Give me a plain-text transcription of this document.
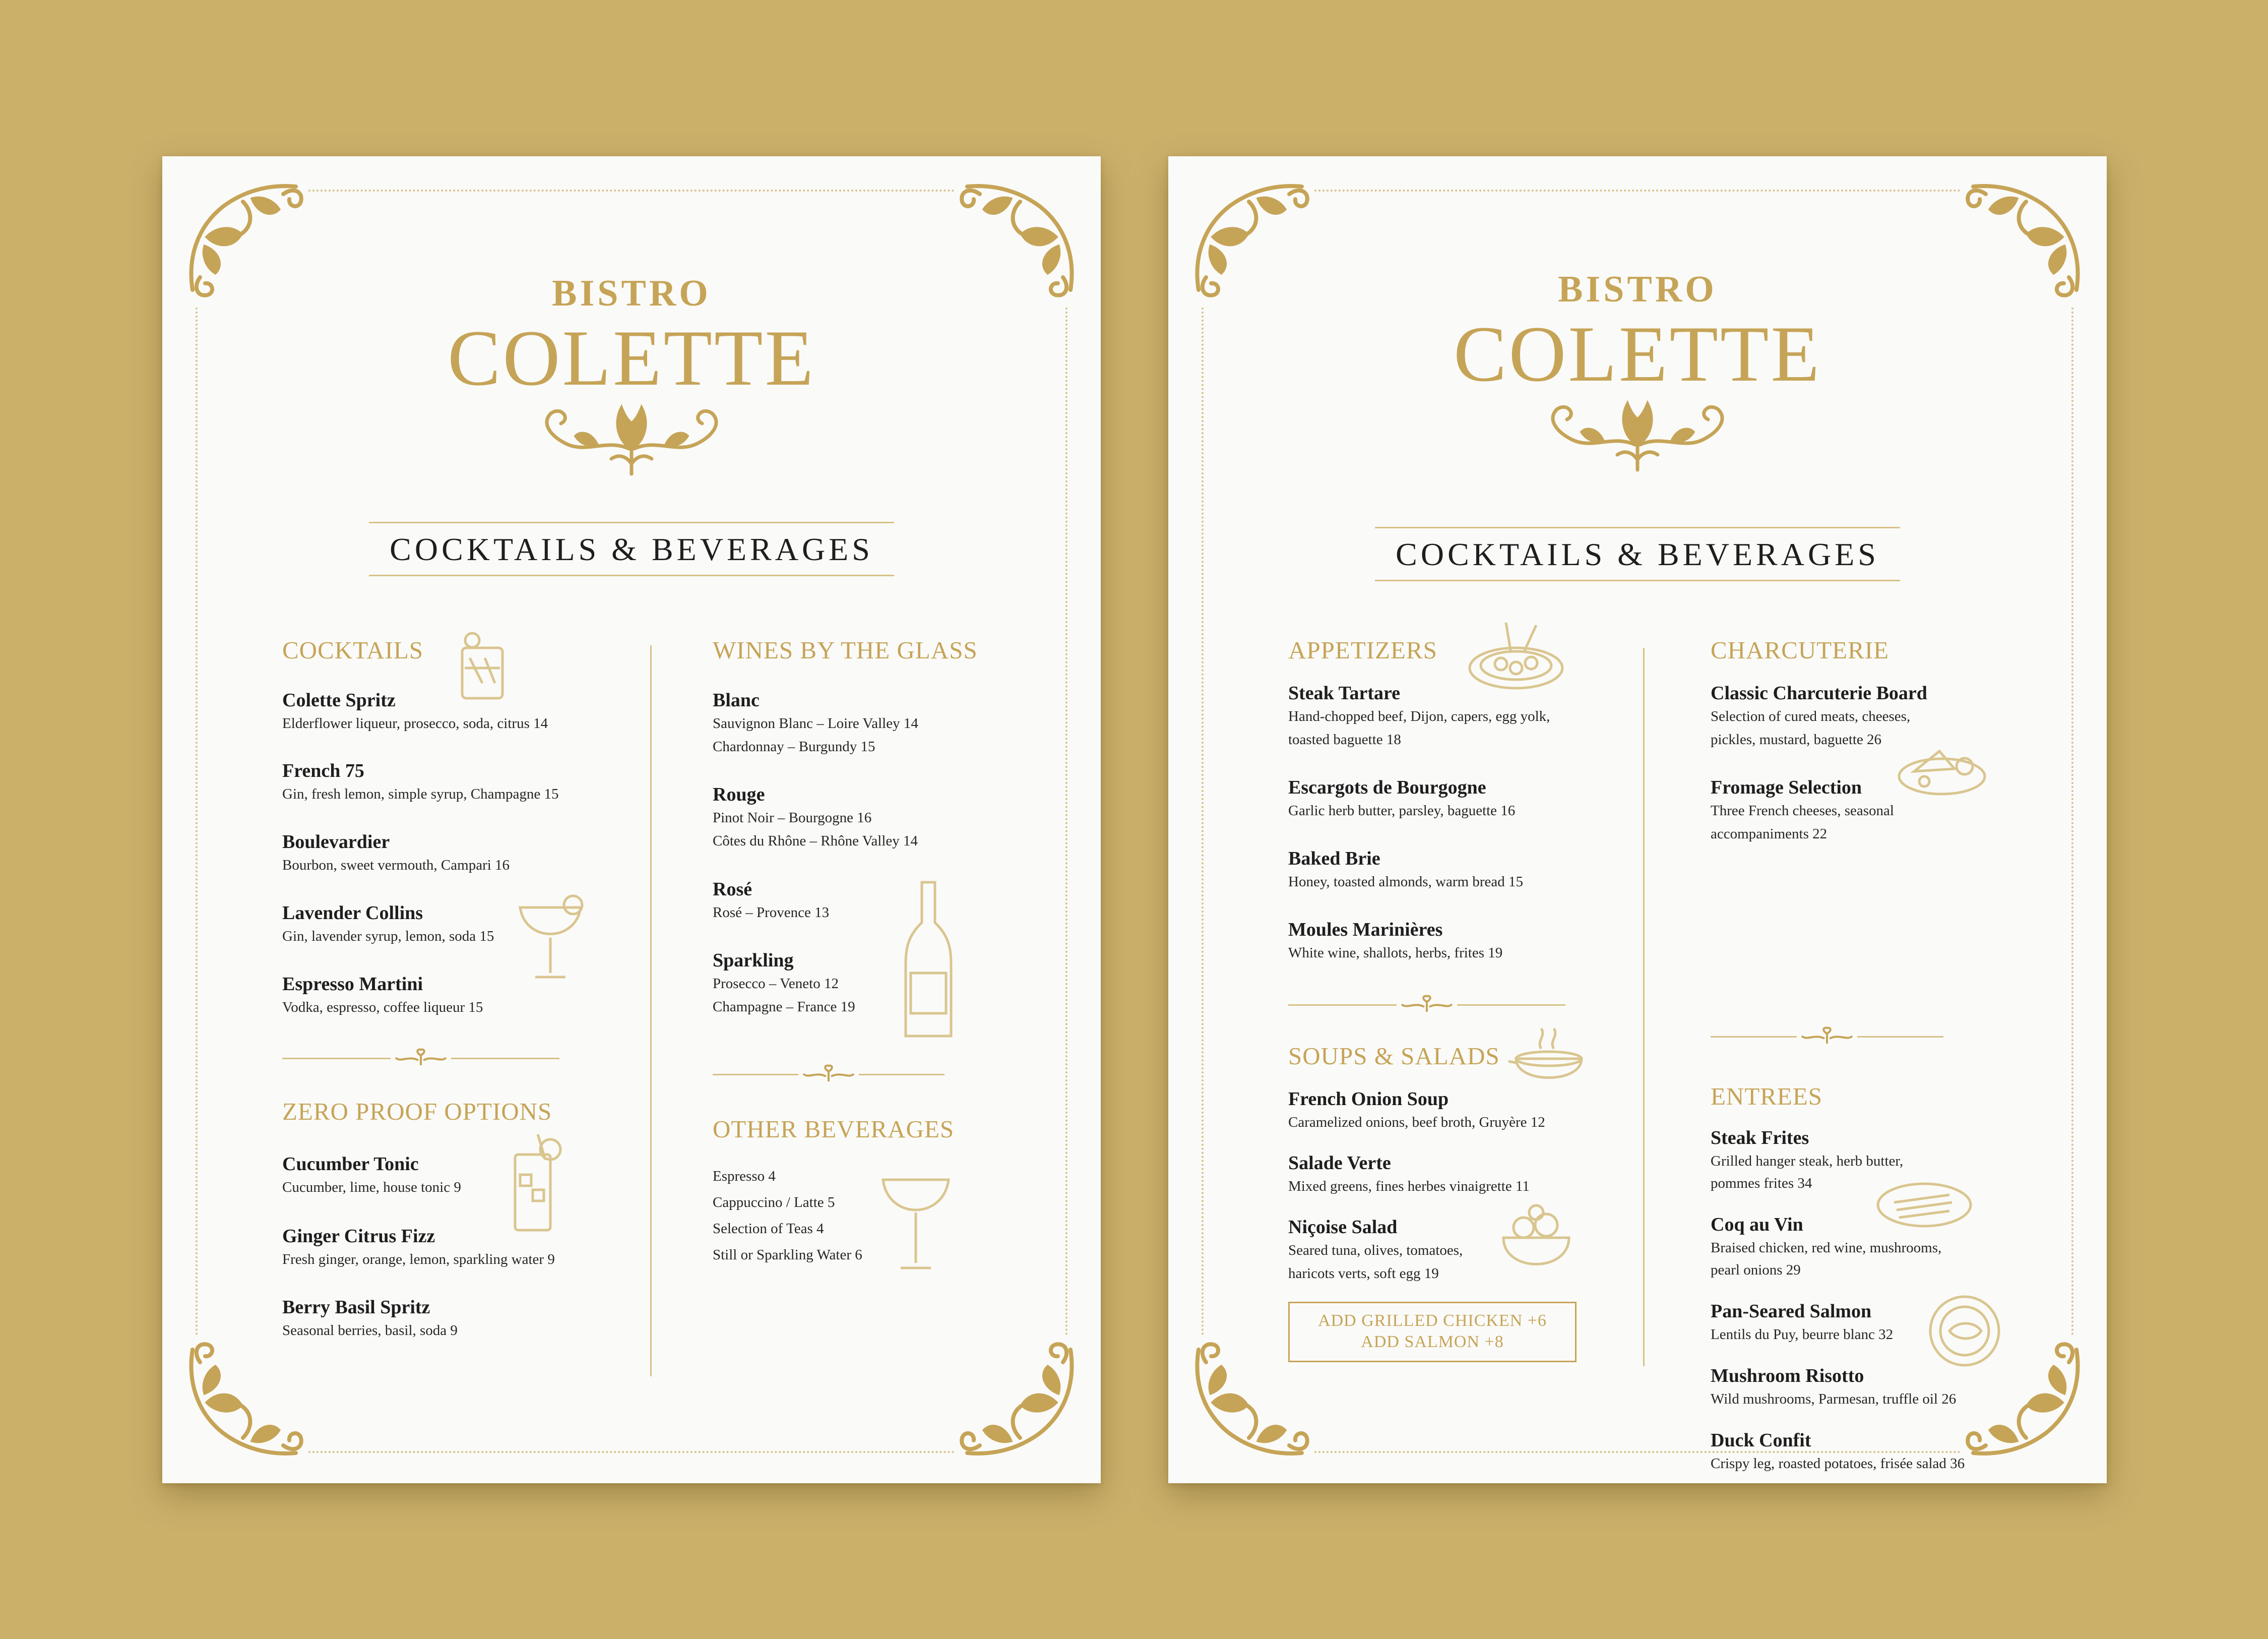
BISTRO
COLETTE
COCKTAILS & BEVERAGES
COCKTAILS
Colette Spritz
Elderflower liqueur, prosecco, soda, citrus 14
French 75
Gin, fresh lemon, simple syrup, Champagne 15
Boulevardier
Bourbon, sweet vermouth, Campari 16
Lavender Collins
Gin, lavender syrup, lemon, soda 15
Espresso Martini
Vodka, espresso, coffee liqueur 15
ZERO PROOF OPTIONS
Cucumber Tonic
Cucumber, lime, house tonic 9
Ginger Citrus Fizz
Fresh ginger, orange, lemon, sparkling water 9
Berry Basil Spritz
Seasonal berries, basil, soda 9
WINES BY THE GLASS
Blanc
Sauvignon Blanc – Loire Valley 14
Chardonnay – Burgundy 15
Rouge
Pinot Noir – Bourgogne 16
Côtes du Rhône – Rhône Valley 14
Rosé
Rosé – Provence 13
Sparkling
Prosecco – Veneto 12
Champagne – France 19
OTHER BEVERAGES
Espresso 4
Cappuccino / Latte 5
Selection of Teas 4
Still or Sparkling Water 6
BISTRO
COLETTE
COCKTAILS & BEVERAGES
APPETIZERS
Steak Tartare
Hand-chopped beef, Dijon, capers, egg yolk,
toasted baguette 18
Escargots de Bourgogne
Garlic herb butter, parsley, baguette 16
Baked Brie
Honey, toasted almonds, warm bread 15
Moules Marinières
White wine, shallots, herbs, frites 19
SOUPS & SALADS
French Onion Soup
Caramelized onions, beef broth, Gruyère 12
Salade Verte
Mixed greens, fines herbes vinaigrette 11
Niçoise Salad
Seared tuna, olives, tomatoes,
haricots verts, soft egg 19
ADD GRILLED CHICKEN +6
ADD SALMON +8
CHARCUTERIE
Classic Charcuterie Board
Selection of cured meats, cheeses,
pickles, mustard, baguette 26
Fromage Selection
Three French cheeses, seasonal
accompaniments 22
ENTREES
Steak Frites
Grilled hanger steak, herb butter,
pommes frites 34
Coq au Vin
Braised chicken, red wine, mushrooms,
pearl onions 29
Pan-Seared Salmon
Lentils du Puy, beurre blanc 32
Mushroom Risotto
Wild mushrooms, Parmesan, truffle oil 26
Duck Confit
Crispy leg, roasted potatoes, frisée salad 36
